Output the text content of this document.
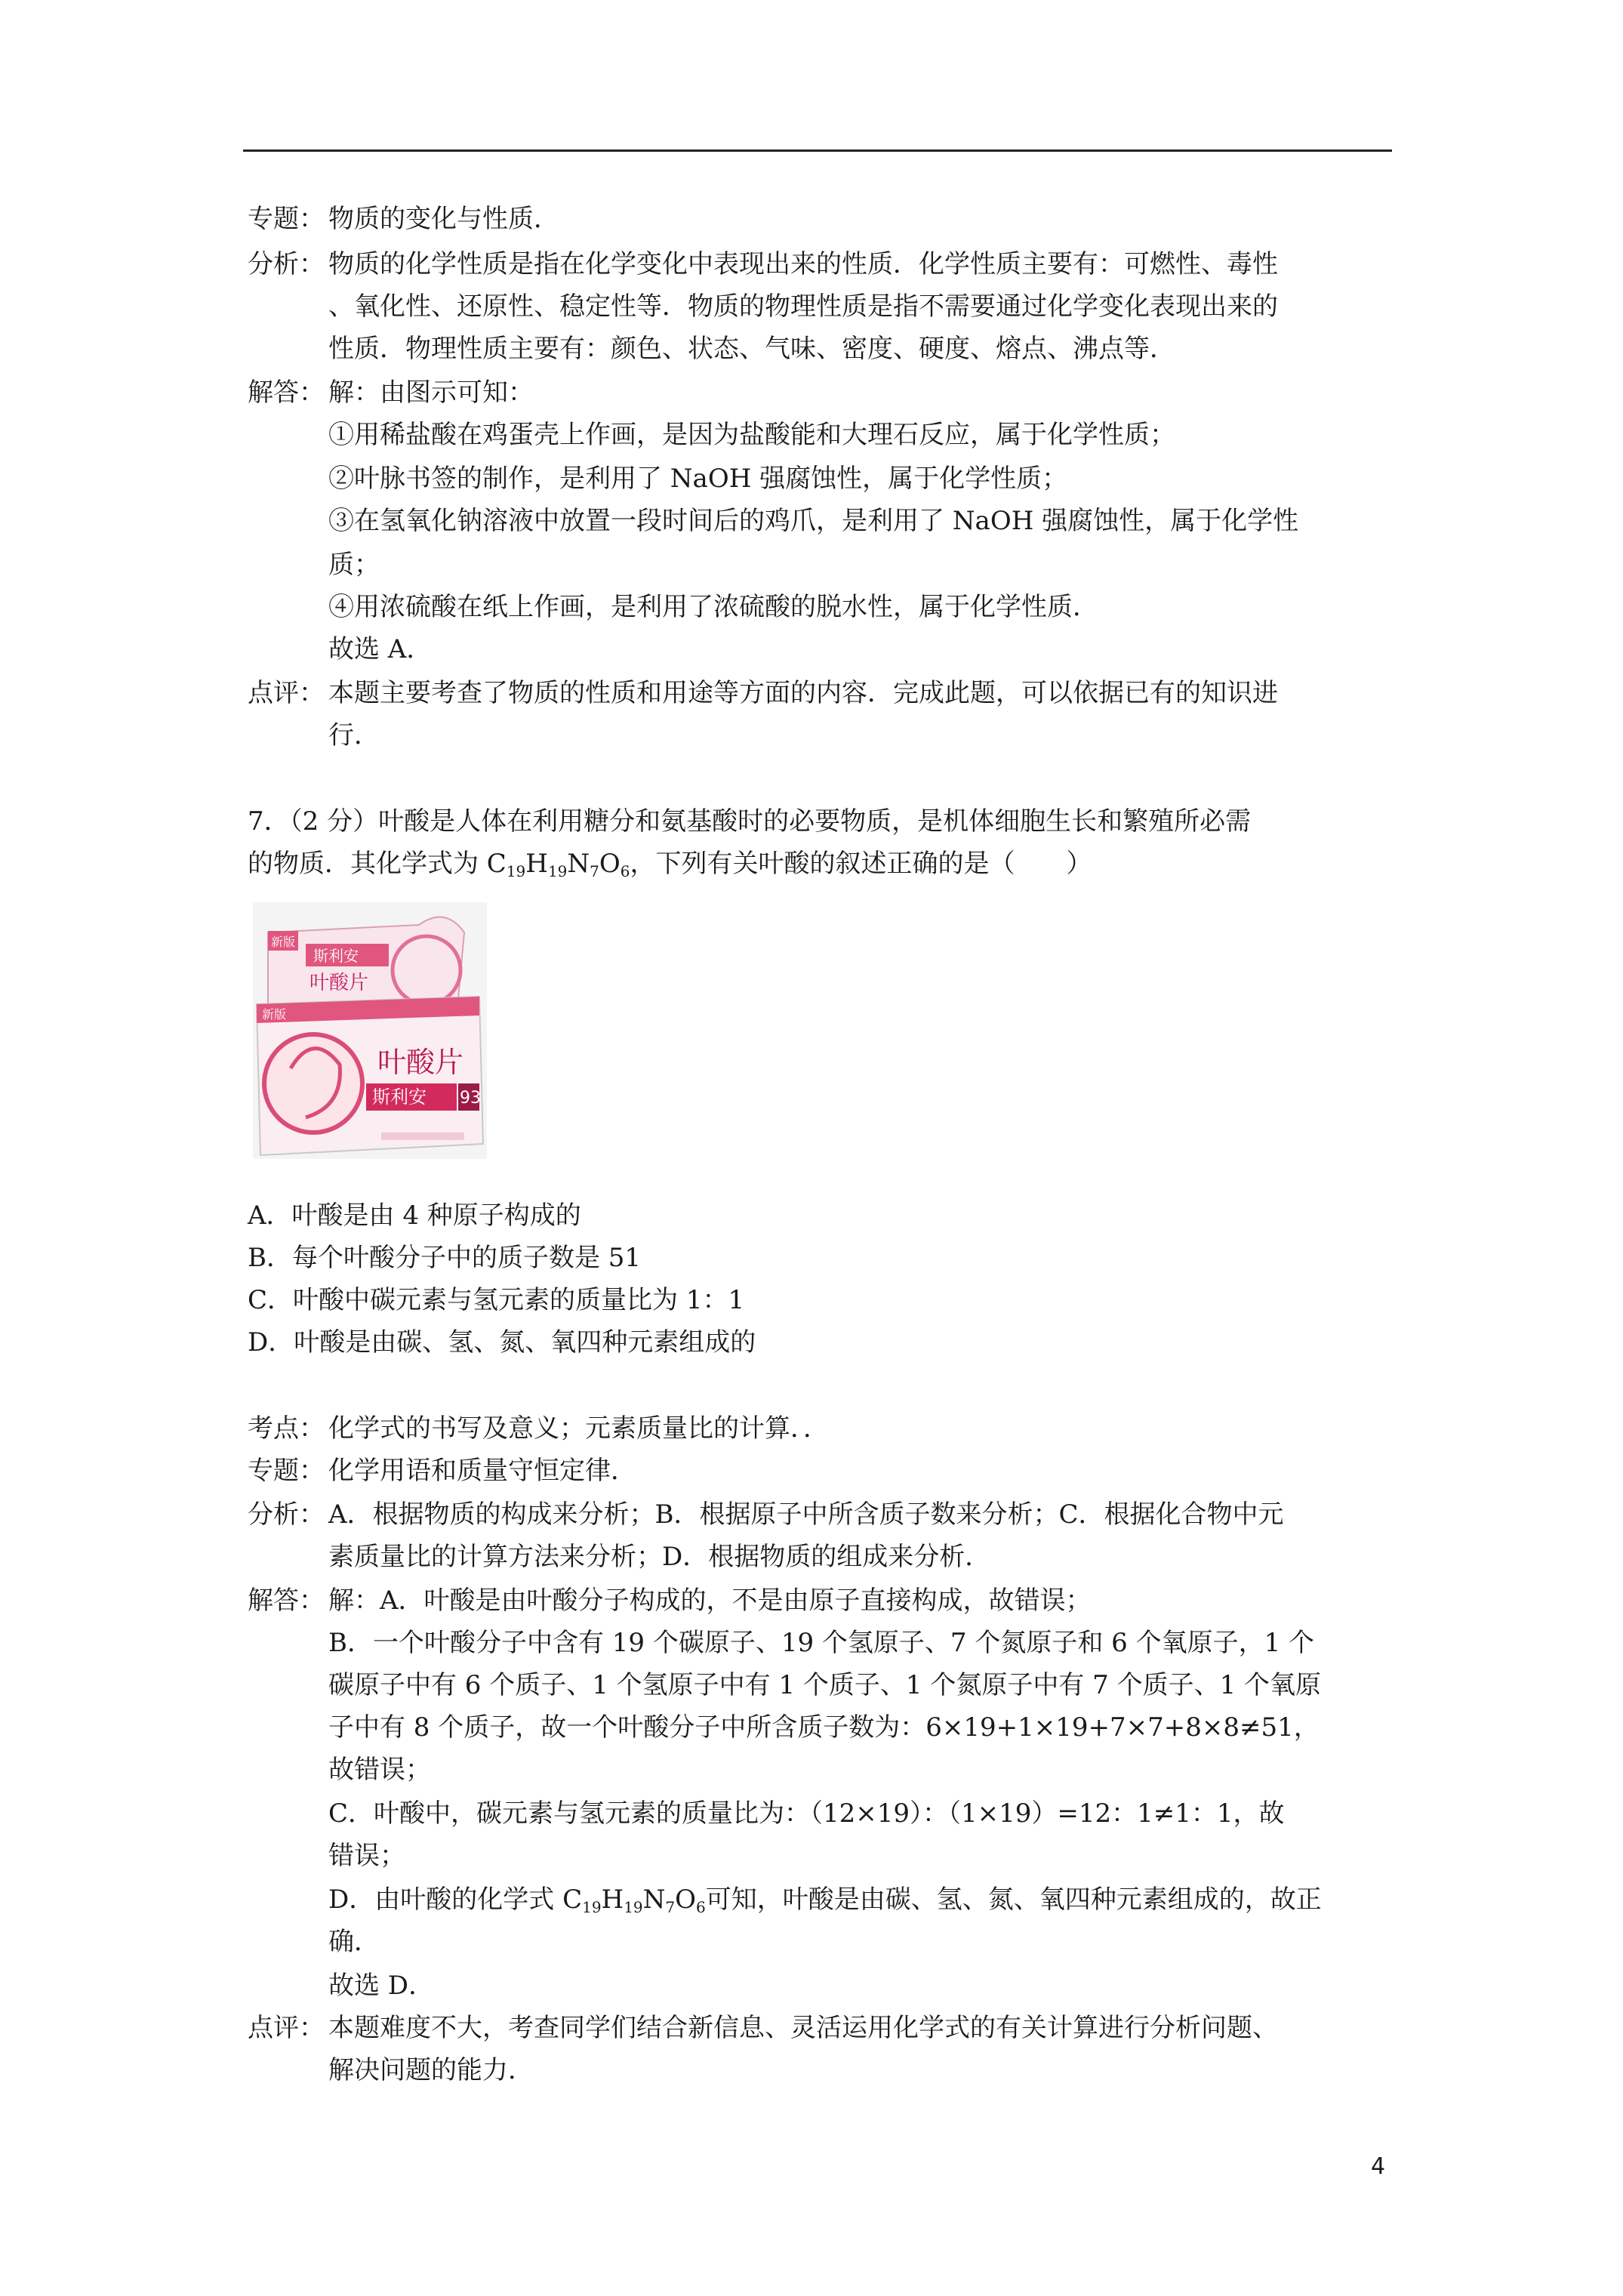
专题： 物质的变化与性质．
分析： 物质的化学性质是指在化学变化中表现出来的性质．化学性质主要有：可燃性、毒性
、氧化性、还原性、稳定性等．物质的物理性质是指不需要通过化学变化表现出来的
性质．物理性质主要有：颜色、状态、气味、密度、硬度、熔点、沸点等．
解答： 解：由图示可知：
①用稀盐酸在鸡蛋壳上作画，是因为盐酸能和大理石反应，属于化学性质；
②叶脉书签的制作，是利用了 NaOH 强腐蚀性，属于化学性质；
③在氢氧化钠溶液中放置一段时间后的鸡爪，是利用了 NaOH 强腐蚀性，属于化学性
质；
④用浓硫酸在纸上作画，是利用了浓硫酸的脱水性，属于化学性质．
故选 A．
点评： 本题主要考查了物质的性质和用途等方面的内容．完成此题，可以依据已有的知识进
行．
7．（2 分）叶酸是人体在利用糖分和氨基酸时的必要物质，是机体细胞生长和繁殖所必需
的物质．其化学式为 $C_{19}H_{19}N_7O_6$，下列有关叶酸的叙述正确的是（　　）
新版
斯利安
叶酸片
新版
叶酸片
斯利安 93
A．叶酸是由 4 种原子构成的
B．每个叶酸分子中的质子数是 51
C．叶酸中碳元素与氢元素的质量比为 1：1
D．叶酸是由碳、氢、氮、氧四种元素组成的
考点： 化学式的书写及意义；元素质量比的计算．．
专题： 化学用语和质量守恒定律．
分析： A．根据物质的构成来分析；B．根据原子中所含质子数来分析；C．根据化合物中元
素质量比的计算方法来分析；D．根据物质的组成来分析．
解答： 解：A．叶酸是由叶酸分子构成的，不是由原子直接构成，故错误；
B．一个叶酸分子中含有 19 个碳原子、19 个氢原子、7 个氮原子和 6 个氧原子，1 个
碳原子中有 6 个质子、1 个氢原子中有 1 个质子、1 个氮原子中有 7 个质子、1 个氧原
子中有 8 个质子，故一个叶酸分子中所含质子数为：6×19+1×19+7×7+8×8≠51，
故错误；
C．叶酸中，碳元素与氢元素的质量比为：（12×19）：（1×19）=12：1≠1：1，故
错误；
D．由叶酸的化学式 $C_{19}H_{19}N_7O_6$可知，叶酸是由碳、氢、氮、氧四种元素组成的，故正
确．
故选 D．
点评： 本题难度不大，考查同学们结合新信息、灵活运用化学式的有关计算进行分析问题、
解决问题的能力．
4
